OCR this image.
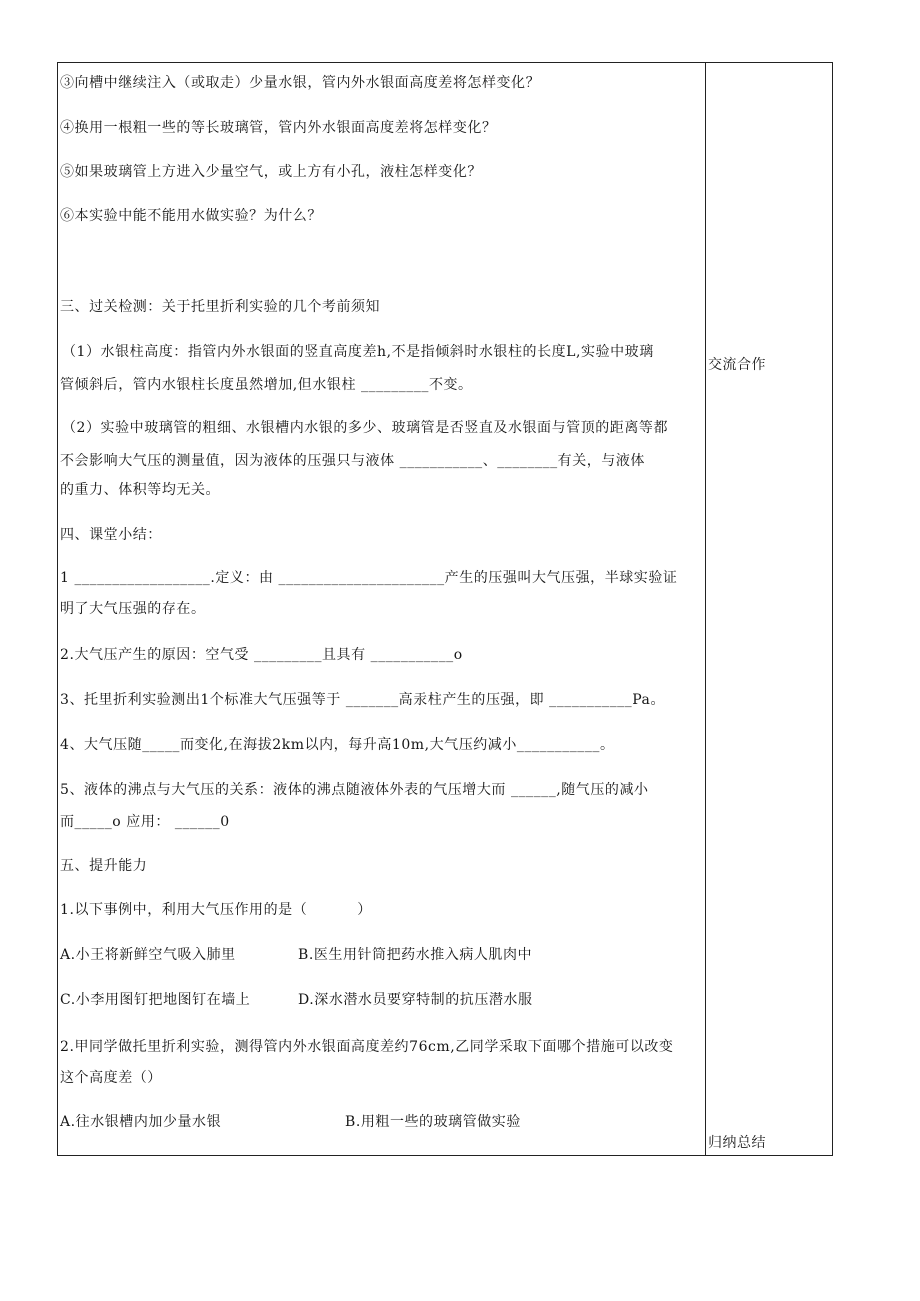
③向槽中继续注入（或取走）少量水银，管内外水银面高度差将怎样变化？
④换用一根粗一些的等长玻璃管，管内外水银面高度差将怎样变化？
⑤如果玻璃管上方进入少量空气，或上方有小孔，液柱怎样变化？
⑥本实验中能不能用水做实验？为什么？
三、过关检测：关于托里折利实验的几个考前须知
（1）水银柱高度：指管内外水银面的竖直高度差h,不是指倾斜时水银柱的长度L,实验中玻璃
管倾斜后，管内水银柱长度虽然增加,但水银柱 _________不变。
（2）实验中玻璃管的粗细、水银槽内水银的多少、玻璃管是否竖直及水银面与管顶的距离等都
不会影响大气压的测量值，因为液体的压强只与液体 ___________、________有关，与液体
的重力、体积等均无关。
四、课堂小结：
1 __________________.定义：由 ______________________产生的压强叫大气压强，半球实验证
明了大气压强的存在。
2.大气压产生的原因：空气受 _________且具有 ___________o
3、托里折利实验测出1个标准大气压强等于 _______高汞柱产生的压强，即 ___________Pa。
4、大气压随_____而变化,在海拔2km以内，每升高10m,大气压约减小___________。
5、液体的沸点与大气压的关系：液体的沸点随液体外表的气压增大而 ______,随气压的减小
而_____o 应用： ______0
五、提升能力
1.以下事例中，利用大气压作用的是（          ）
A.小王将新鲜空气吸入肺里	B.医生用针筒把药水推入病人肌肉中
C.小李用图钉把地图钉在墙上	D.深水潜水员要穿特制的抗压潜水服
2.甲同学做托里折利实验，测得管内外水银面高度差约76cm,乙同学采取下面哪个措施可以改变
这个高度差（）
A.往水银槽内加少量水银	B.用粗一些的玻璃管做实验
交流合作
归纳总结
